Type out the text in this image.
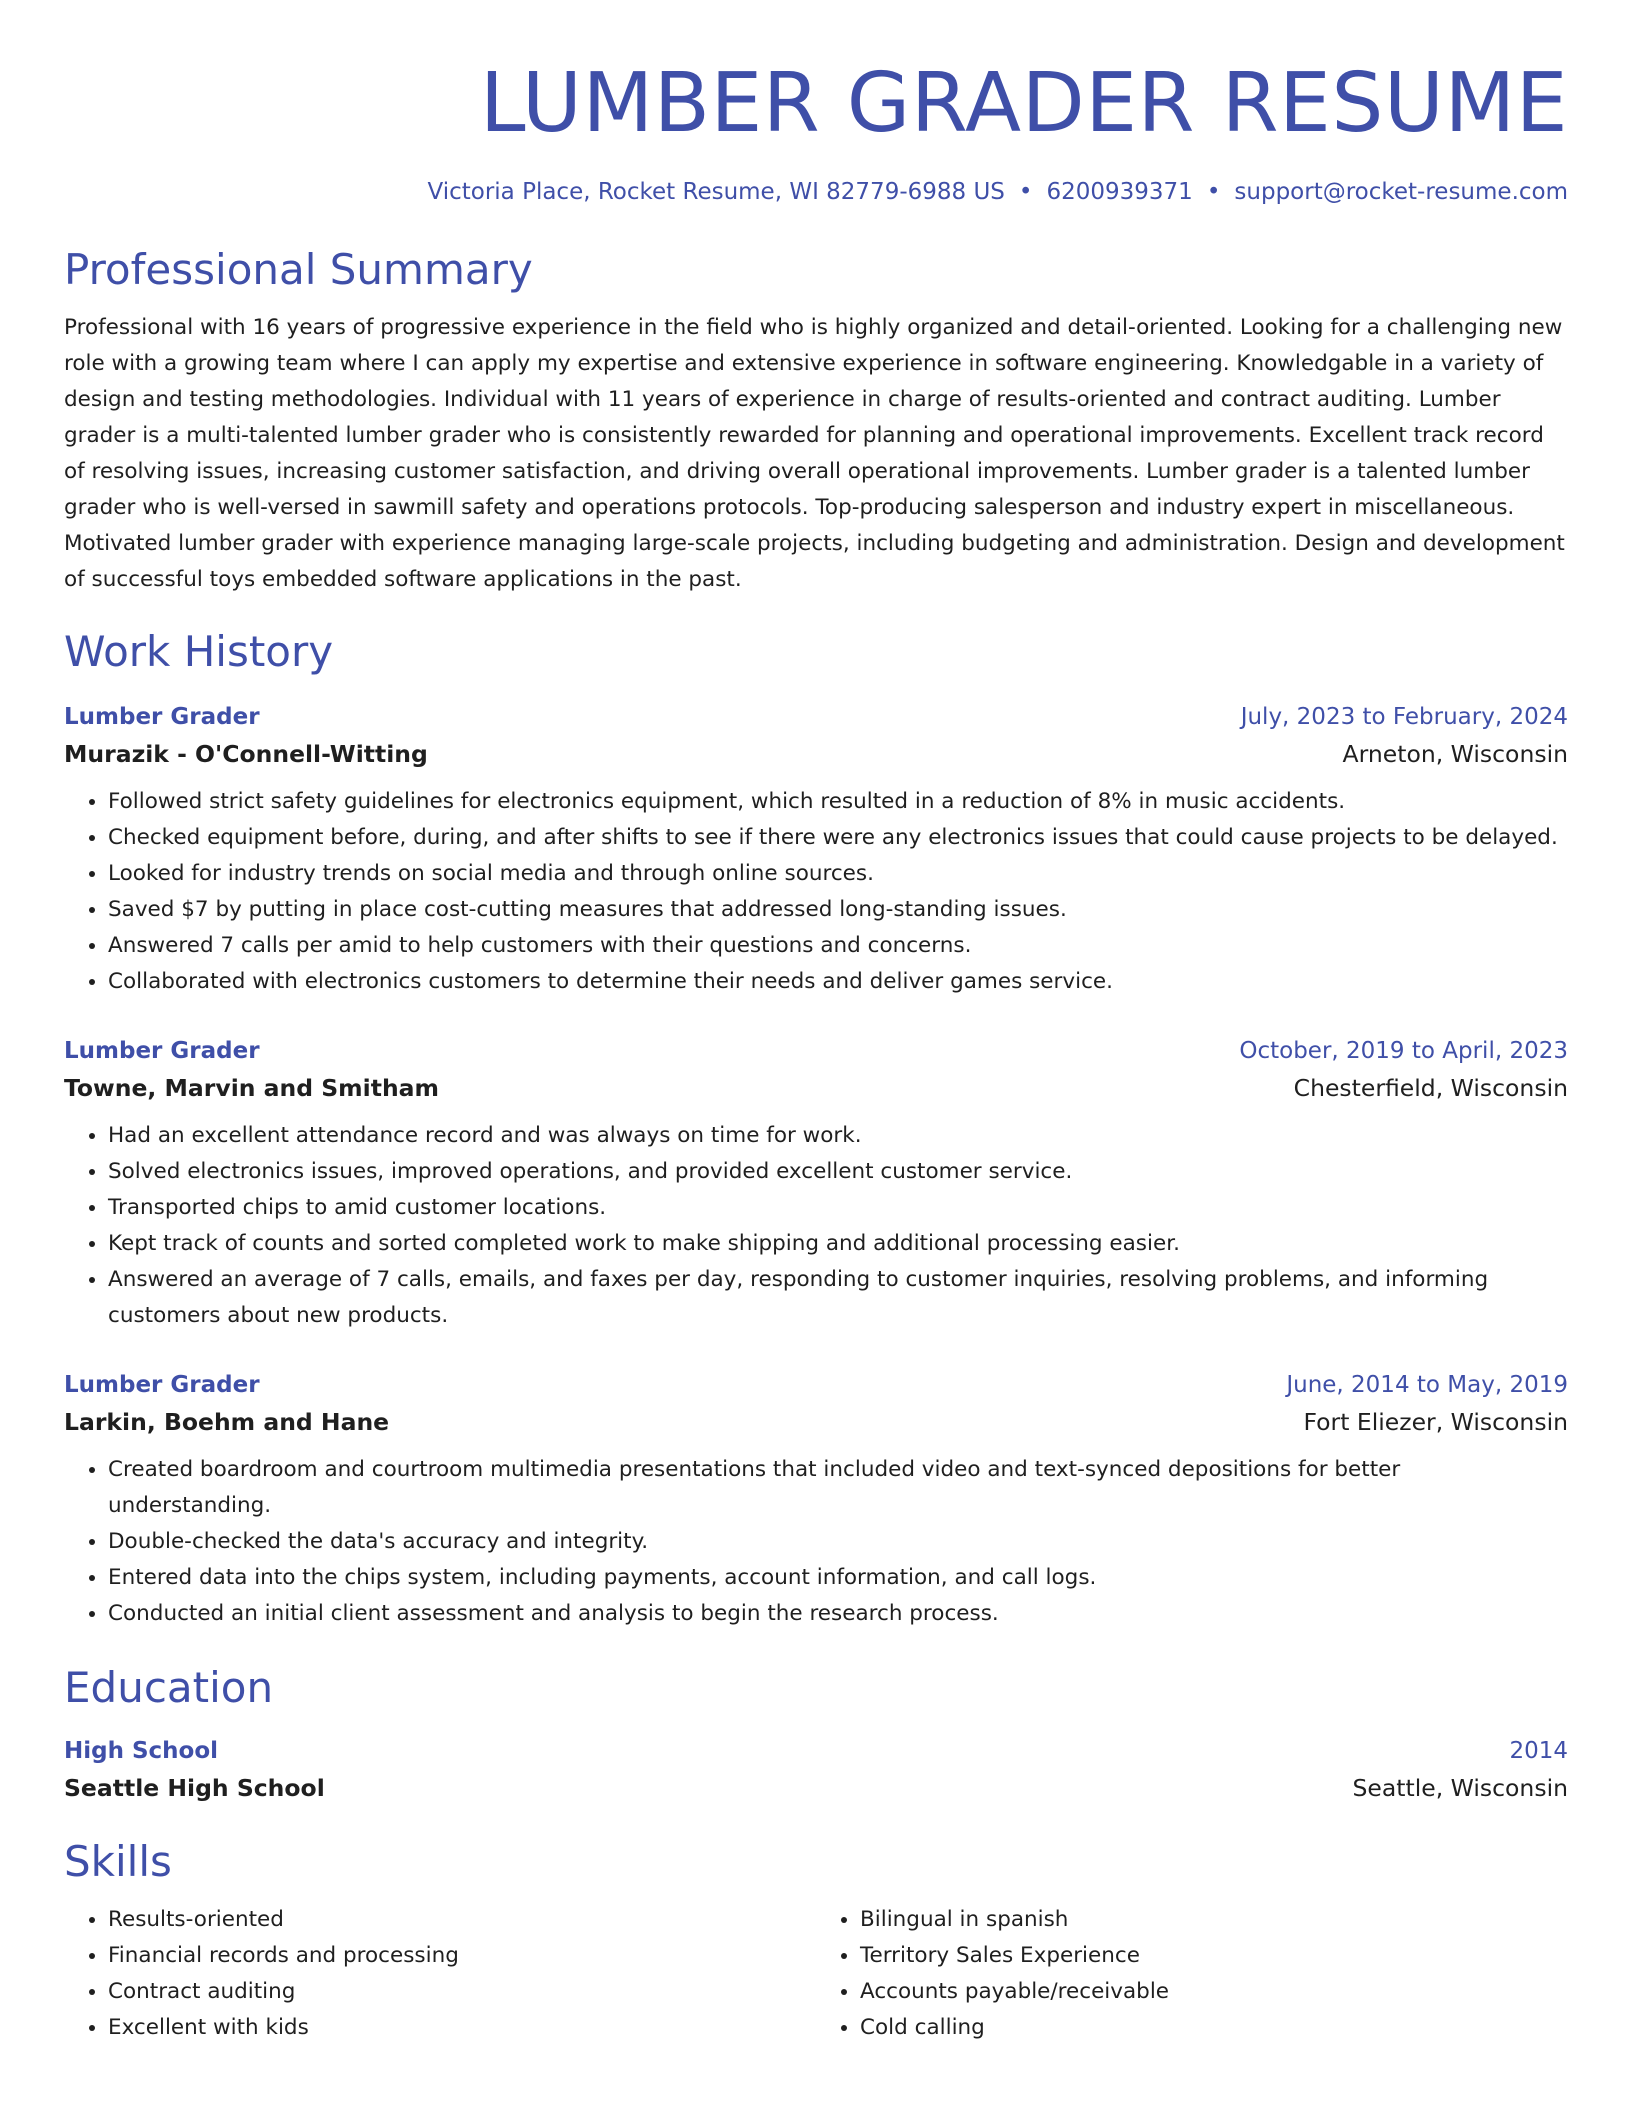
LUMBER GRADER RESUME
Victoria Place, Rocket Resume, WI 82779-6988 US • 6200939371 • support@rocket-resume.com
Professional Summary

Professional with 16 years of progressive experience in the field who is highly organized and detail-oriented. Looking for a challenging new role with a growing team where I can apply my expertise and extensive experience in software engineering. Knowledgable in a variety of design and testing methodologies. Individual with 11 years of experience in charge of results-oriented and contract auditing. Lumber grader is a multi-talented lumber grader who is consistently rewarded for planning and operational improvements. Excellent track record of resolving issues, increasing customer satisfaction, and driving overall operational improvements. Lumber grader is a talented lumber grader who is well-versed in sawmill safety and operations protocols. Top-producing salesperson and industry expert in miscellaneous. Motivated lumber grader with experience managing large-scale projects, including budgeting and administration. Design and development of successful toys embedded software applications in the past.

Work History
Lumber Grader	July, 2023 to February, 2024
Murazik - O'Connell-Witting	Arneton, Wisconsin
• Followed strict safety guidelines for electronics equipment, which resulted in a reduction of 8% in music accidents.
• Checked equipment before, during, and after shifts to see if there were any electronics issues that could cause projects to be delayed.
• Looked for industry trends on social media and through online sources.
• Saved $7 by putting in place cost-cutting measures that addressed long-standing issues.
• Answered 7 calls per amid to help customers with their questions and concerns.
• Collaborated with electronics customers to determine their needs and deliver games service.
Lumber Grader	October, 2019 to April, 2023
Towne, Marvin and Smitham	Chesterfield, Wisconsin
• Had an excellent attendance record and was always on time for work.
• Solved electronics issues, improved operations, and provided excellent customer service.
• Transported chips to amid customer locations.
• Kept track of counts and sorted completed work to make shipping and additional processing easier.
• Answered an average of 7 calls, emails, and faxes per day, responding to customer inquiries, resolving problems, and informing customers about new products.
Lumber Grader	June, 2014 to May, 2019
Larkin, Boehm and Hane	Fort Eliezer, Wisconsin
• Created boardroom and courtroom multimedia presentations that included video and text-synced depositions for better understanding.
• Double-checked the data's accuracy and integrity.
• Entered data into the chips system, including payments, account information, and call logs.
• Conducted an initial client assessment and analysis to begin the research process.
Education
High School	2014
Seattle High School	Seattle, Wisconsin
Skills
• Results-oriented
• Financial records and processing
• Contract auditing
• Excellent with kids
• Bilingual in spanish
• Territory Sales Experience
• Accounts payable/receivable
• Cold calling
